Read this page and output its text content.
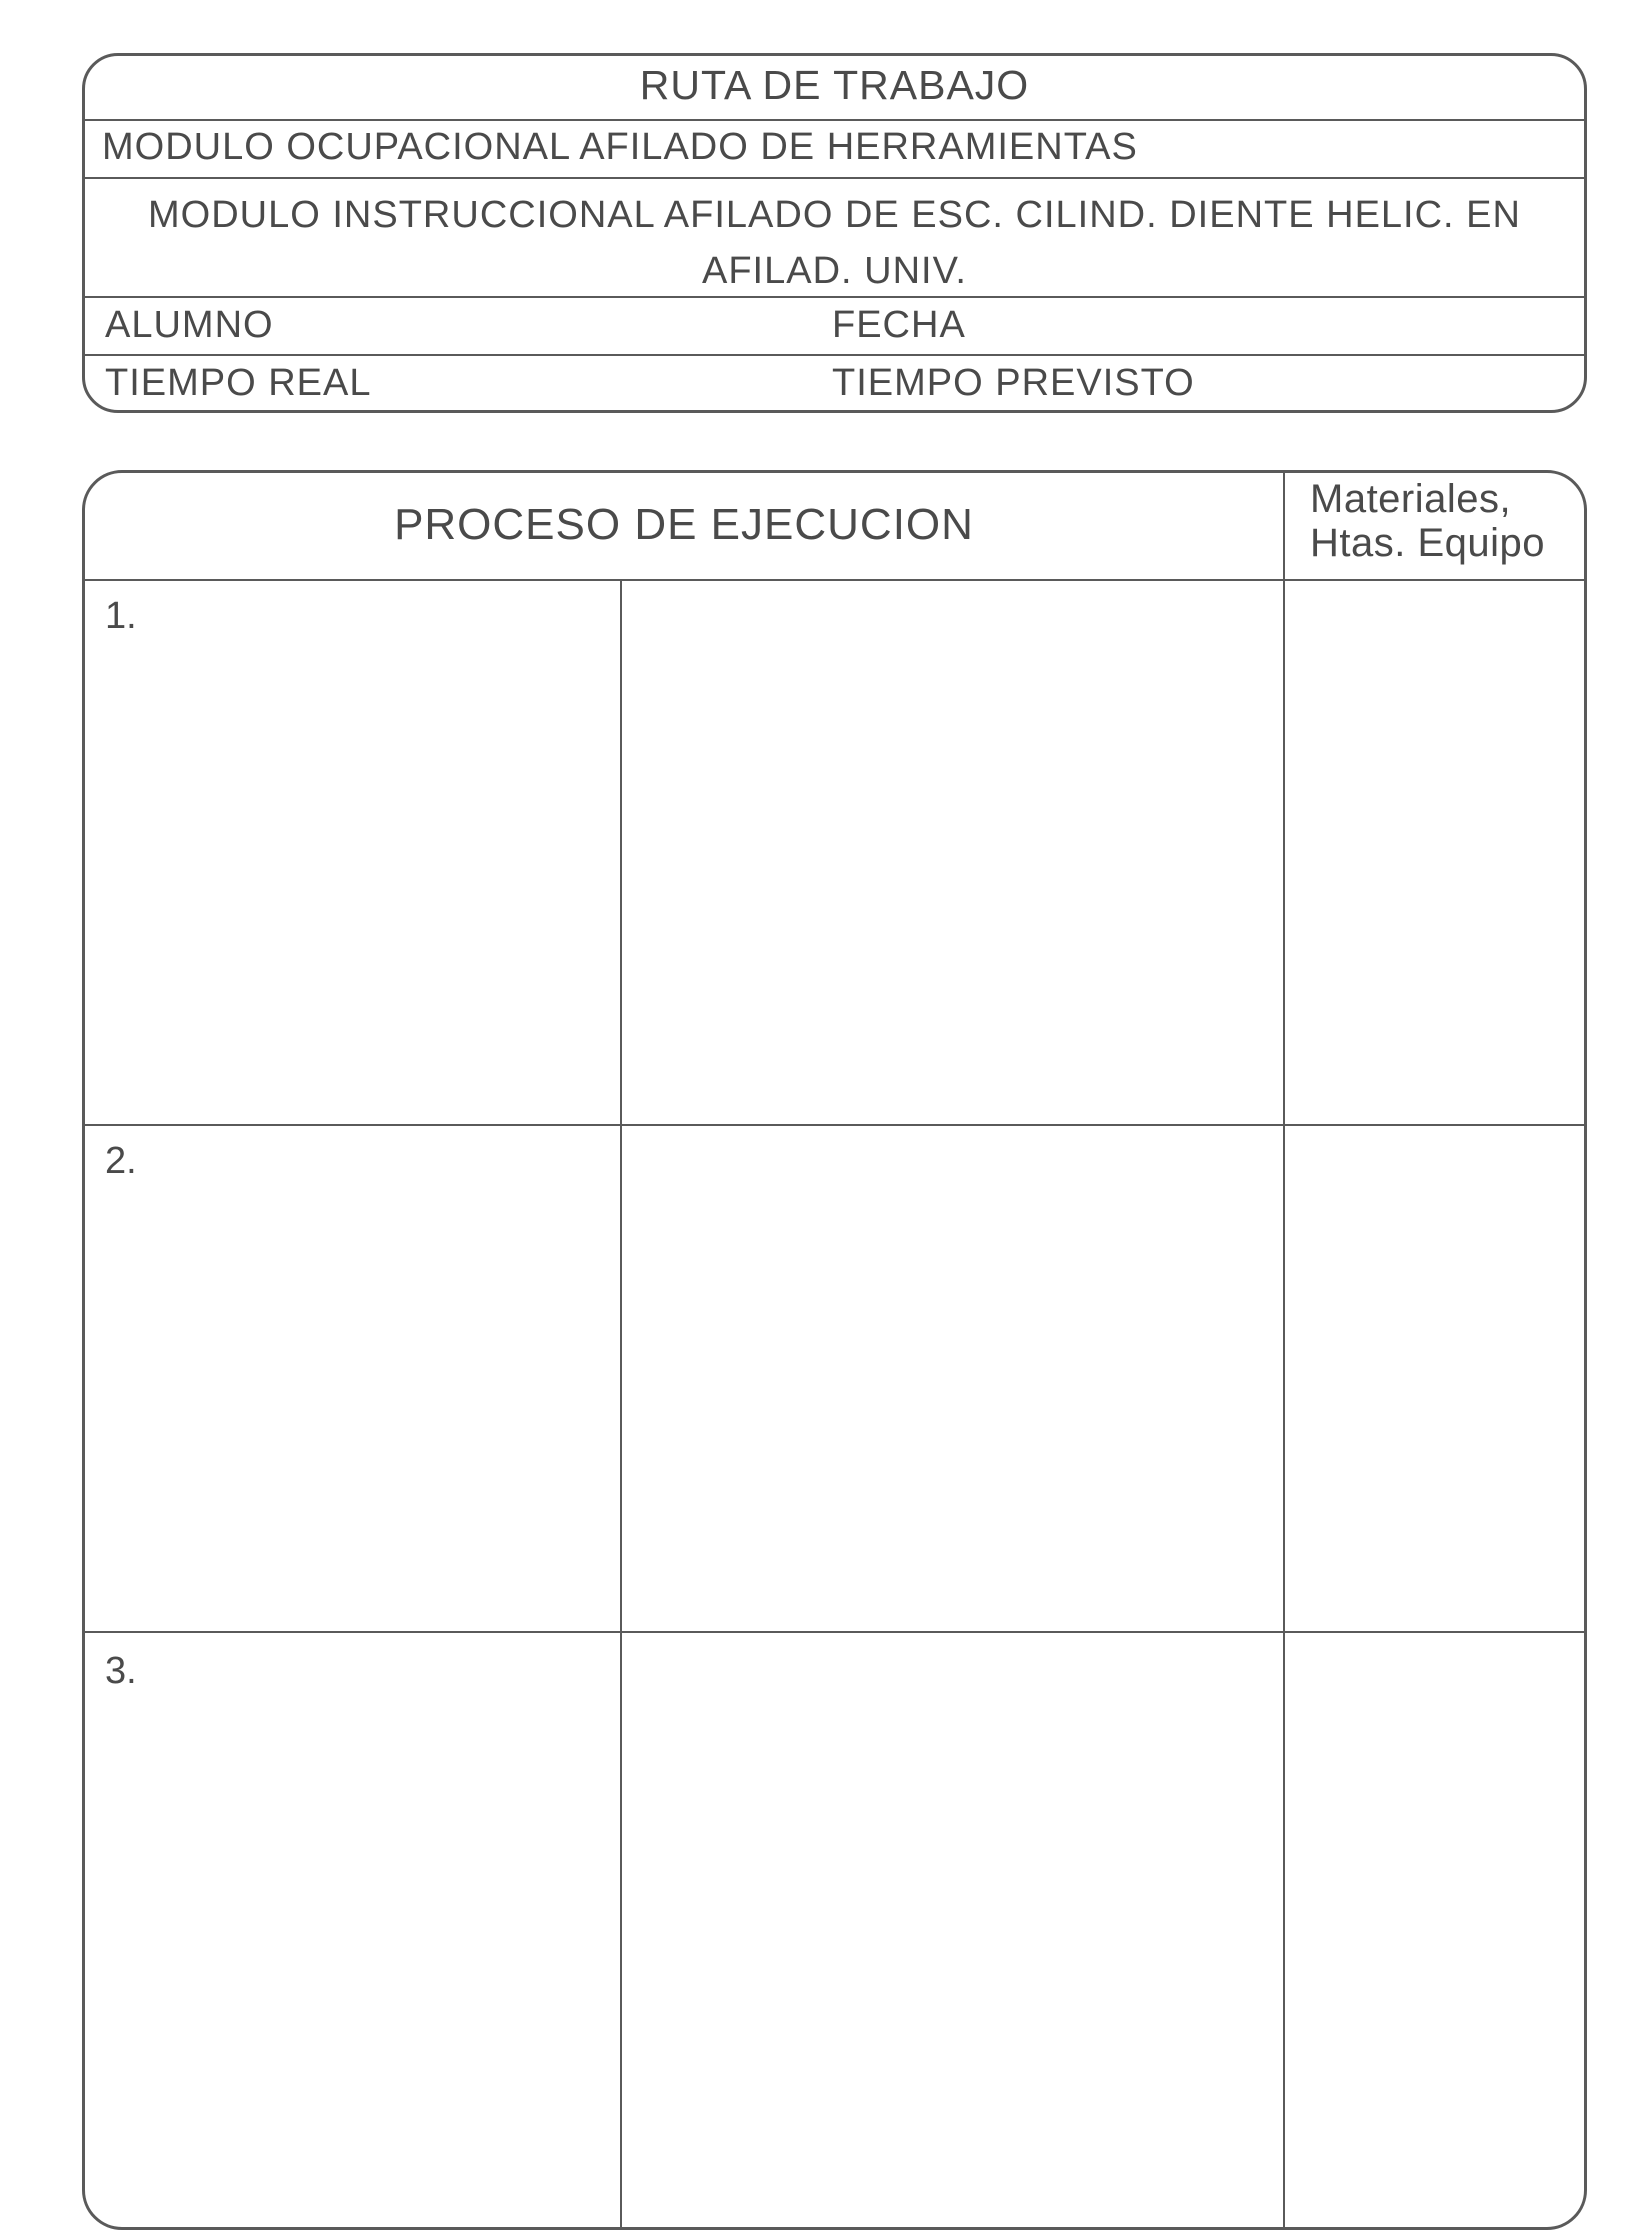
RUTA DE TRABAJO
MODULO OCUPACIONAL AFILADO DE HERRAMIENTAS
MODULO INSTRUCCIONAL AFILADO DE ESC. CILIND. DIENTE HELIC. EN AFILAD. UNIV.
ALUMNO	FECHA
TIEMPO REAL	TIEMPO PREVISTO
PROCESO DE EJECUCION
Materiales,
Htas. Equipo
1.
2.
3.
